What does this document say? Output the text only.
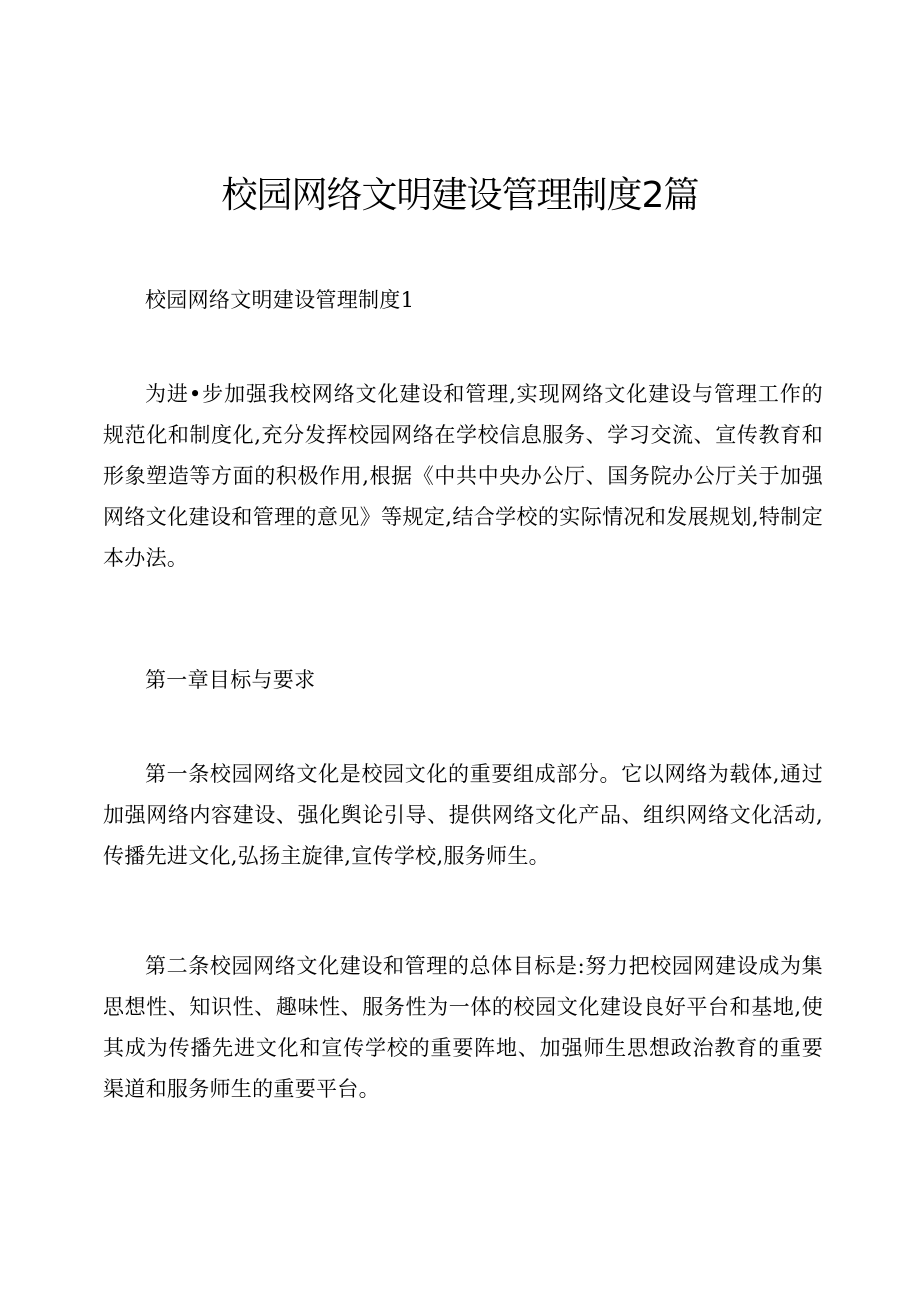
校园网络文明建设管理制度2篇

校园网络文明建设管理制度1

为进•步加强我校网络文化建设和管理,实现网络文化建设与管理工作的规范化和制度化,充分发挥校园网络在学校信息服务、学习交流、宣传教育和形象塑造等方面的积极作用,根据《中共中央办公厅、国务院办公厅关于加强网络文化建设和管理的意见》等规定,结合学校的实际情况和发展规划,特制定本办法。

第一章目标与要求

第一条校园网络文化是校园文化的重要组成部分。它以网络为载体,通过加强网络内容建设、强化舆论引导、提供网络文化产品、组织网络文化活动,传播先进文化,弘扬主旋律,宣传学校,服务师生。

第二条校园网络文化建设和管理的总体目标是:努力把校园网建设成为集思想性、知识性、趣味性、服务性为一体的校园文化建设良好平台和基地,使其成为传播先进文化和宣传学校的重要阵地、加强师生思想政治教育的重要渠道和服务师生的重要平台。
